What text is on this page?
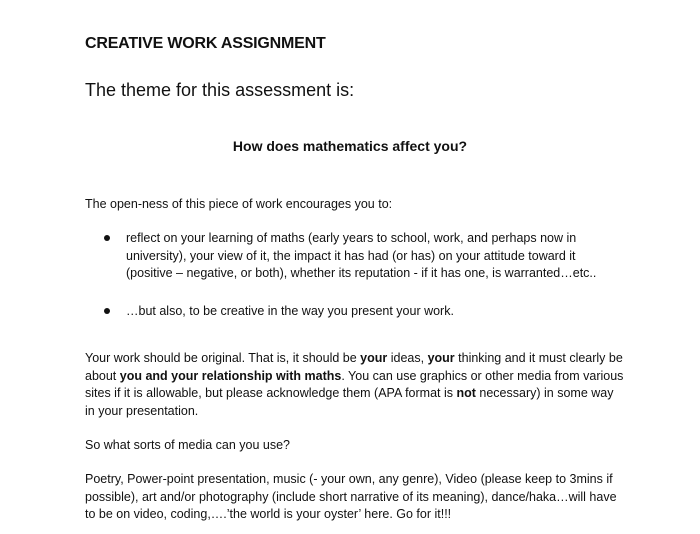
CREATIVE WORK ASSIGNMENT
The theme for this assessment is:
How does mathematics affect you?
The open-ness of this piece of work encourages you to:
reflect on your learning of maths (early years to school, work, and perhaps now in university), your view of it, the impact it has had (or has) on your attitude toward it (positive – negative, or both), whether its reputation - if it has one, is warranted…etc..
…but also, to be creative in the way you present your work.

Your work should be original. That is, it should be your ideas, your thinking and it must clearly be about you and your relationship with maths. You can use graphics or other media from various sites if it is allowable, but please acknowledge them (APA format is not necessary) in some way in your presentation.

So what sorts of media can you use?

Poetry, Power-point presentation, music (- your own, any genre), Video (please keep to 3mins if possible), art and/or photography (include short narrative of its meaning), dance/haka…will have to be on video, coding,….’the world is your oyster’ here. Go for it!!!
